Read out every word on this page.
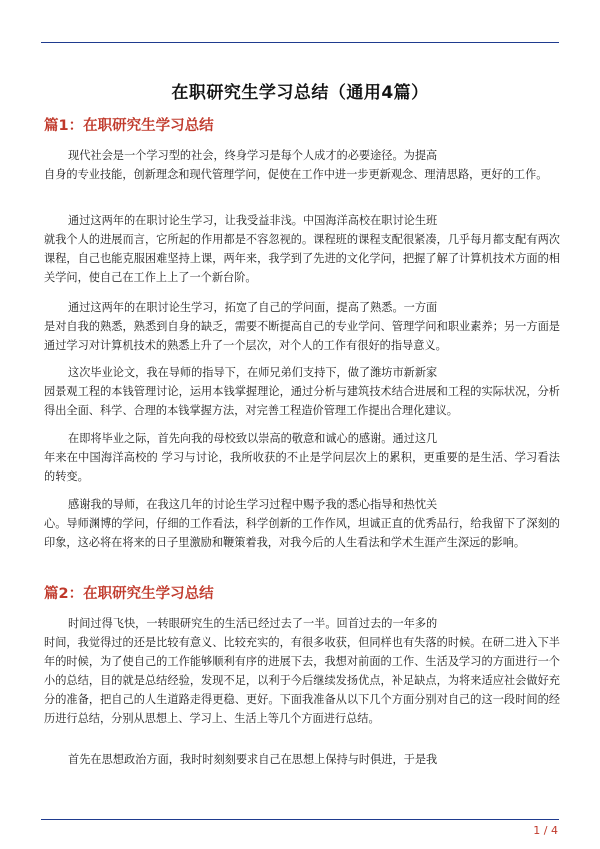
在职研究生学习总结（通用4篇）
篇1：在职研究生学习总结

现代社会是一个学习型的社会，终身学习是每个人成才的必要途径。为提高
自身的专业技能，创新理念和现代管理学问，促使在工作中进一步更新观念、理清思路，更好的工作。

通过这两年的在职讨论生学习，让我受益非浅。中国海洋高校在职讨论生班
就我个人的进展而言，它所起的作用都是不容忽视的。课程班的课程支配很紧凑，几乎每月都支配有两次课程，自己也能克服困难坚持上课，两年来，我学到了先进的文化学问，把握了解了计算机技术方面的相关学问，使自己在工作上上了一个新台阶。

通过这两年的在职讨论生学习，拓宽了自己的学问面，提高了熟悉。一方面
是对自我的熟悉，熟悉到自身的缺乏，需要不断提高自己的专业学问、管理学问和职业素养；另一方面是通过学习对计算机技术的熟悉上升了一个层次，对个人的工作有很好的指导意义。

这次毕业论文，我在导师的指导下，在师兄弟们支持下，做了潍坊市新新家
园景观工程的本钱管理讨论，运用本钱掌握理论，通过分析与建筑技术结合进展和工程的实际状况，分析得出全面、科学、合理的本钱掌握方法，对完善工程造价管理工作提出合理化建议。

在即将毕业之际，首先向我的母校致以崇高的敬意和诚心的感谢。通过这几
年来在中国海洋高校的 学习与讨论，我所收获的不止是学问层次上的累积，更重要的是生活、学习看法的转变。

感谢我的导师，在我这几年的讨论生学习过程中赐予我的悉心指导和热忱关
心。导师渊博的学问，仔细的工作看法，科学创新的工作作风，坦诚正直的优秀品行，给我留下了深刻的印象，这必将在将来的日子里激励和鞭策着我，对我今后的人生看法和学术生涯产生深远的影响。

篇2：在职研究生学习总结

时间过得飞快，一转眼研究生的生活已经过去了一半。回首过去的一年多的
时间，我觉得过的还是比较有意义、比较充实的，有很多收获，但同样也有失落的时候。在研二进入下半年的时候，为了使自己的工作能够顺利有序的进展下去，我想对前面的工作、生活及学习的方面进行一个小的总结，目的就是总结经验，发现不足，以利于今后继续发扬优点，补足缺点，为将来适应社会做好充分的准备，把自己的人生道路走得更稳、更好。下面我准备从以下几个方面分别对自己的这一段时间的经历进行总结，分别从思想上、学习上、生活上等几个方面进行总结。

首先在思想政治方面，我时时刻刻要求自己在思想上保持与时俱进，于是我

1 / 4
